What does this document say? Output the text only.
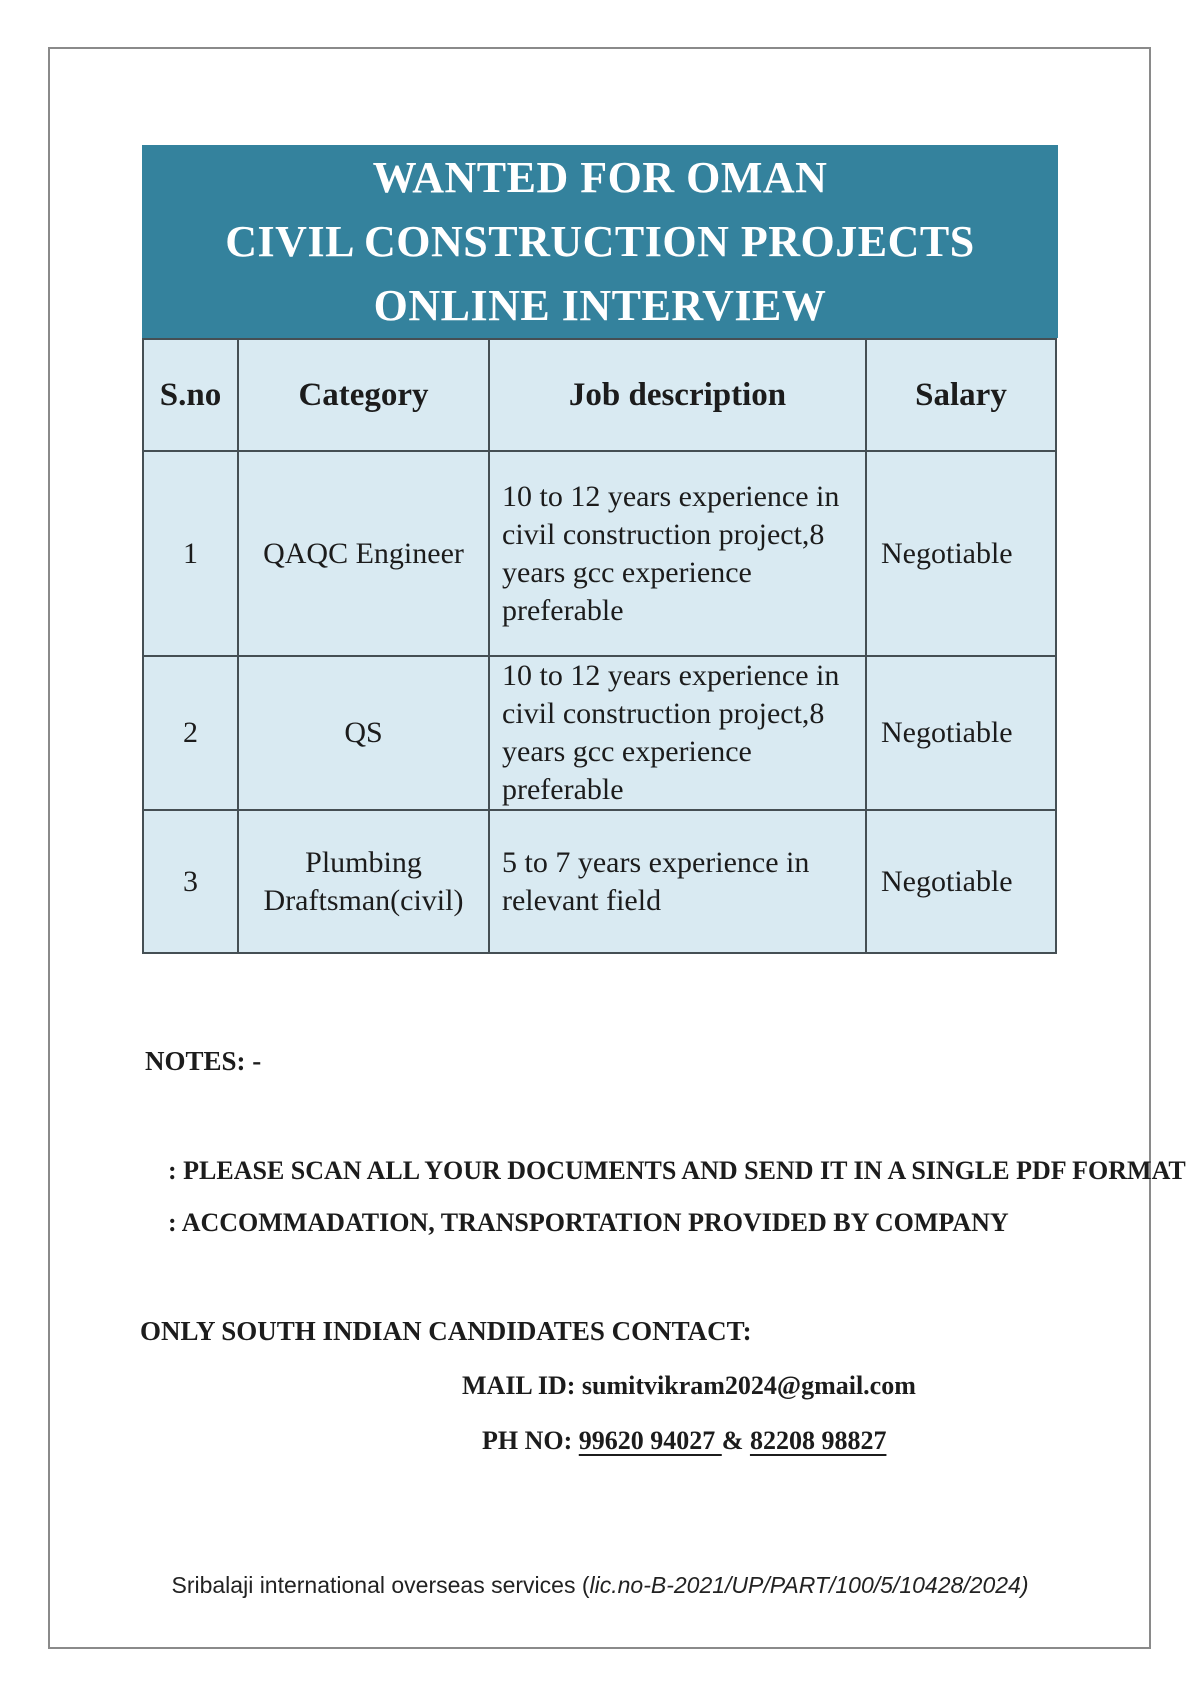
WANTED FOR OMAN
CIVIL CONSTRUCTION PROJECTS
ONLINE INTERVIEW
S.no	Category	Job description	Salary
1	QAQC Engineer	10 to 12 years experience in civil construction project,8 years gcc experience preferable	Negotiable
2	QS	10 to 12 years experience in civil construction project,8 years gcc experience preferable	Negotiable
3	Plumbing Draftsman(civil)	5 to 7 years experience in relevant field	Negotiable
NOTES: -
: PLEASE SCAN ALL YOUR DOCUMENTS AND SEND IT IN A SINGLE PDF FORMAT
: ACCOMMADATION, TRANSPORTATION PROVIDED BY COMPANY
ONLY SOUTH INDIAN CANDIDATES CONTACT:
MAIL ID: sumitvikram2024@gmail.com
PH NO: 99620 94027 & 82208 98827
Sribalaji international overseas services (lic.no-B-2021/UP/PART/100/5/10428/2024)
